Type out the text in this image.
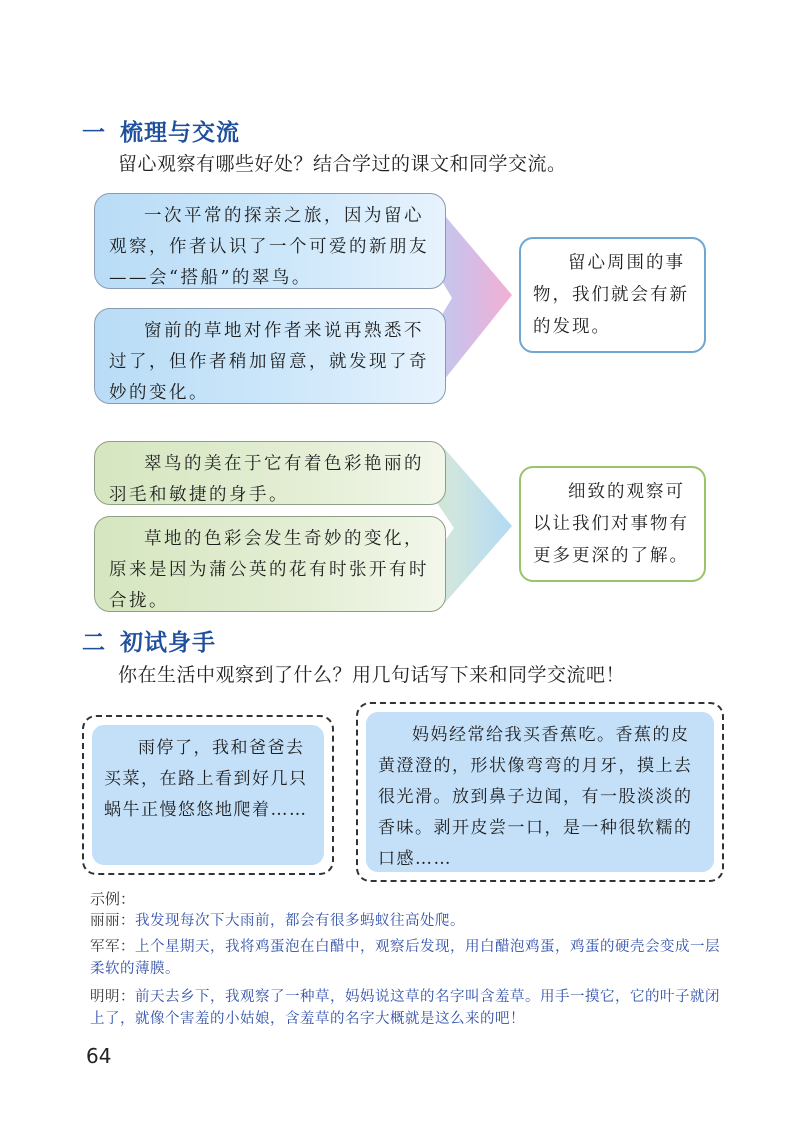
一 梳理与交流
留心观察有哪些好处？结合学过的课文和同学交流。
一次平常的探亲之旅，因为留心观察，作者认识了一个可爱的新朋友——会“搭船”的翠鸟。
窗前的草地对作者来说再熟悉不过了，但作者稍加留意，就发现了奇妙的变化。
留心周围的事物，我们就会有新的发现。
翠鸟的美在于它有着色彩艳丽的羽毛和敏捷的身手。
草地的色彩会发生奇妙的变化，原来是因为蒲公英的花有时张开有时合拢。
细致的观察可以让我们对事物有更多更深的了解。
二 初试身手
你在生活中观察到了什么？用几句话写下来和同学交流吧！
雨停了，我和爸爸去买菜，在路上看到好几只蜗牛正慢悠悠地爬着……
妈妈经常给我买香蕉吃。香蕉的皮黄澄澄的，形状像弯弯的月牙，摸上去很光滑。放到鼻子边闻，有一股淡淡的香味。剥开皮尝一口，是一种很软糯的口感……
示例：
丽丽：我发现每次下大雨前，都会有很多蚂蚁往高处爬。
军军：上个星期天，我将鸡蛋泡在白醋中，观察后发现，用白醋泡鸡蛋，鸡蛋的硬壳会变成一层柔软的薄膜。
明明：前天去乡下，我观察了一种草，妈妈说这草的名字叫含羞草。用手一摸它，它的叶子就闭上了，就像个害羞的小姑娘，含羞草的名字大概就是这么来的吧！
64
